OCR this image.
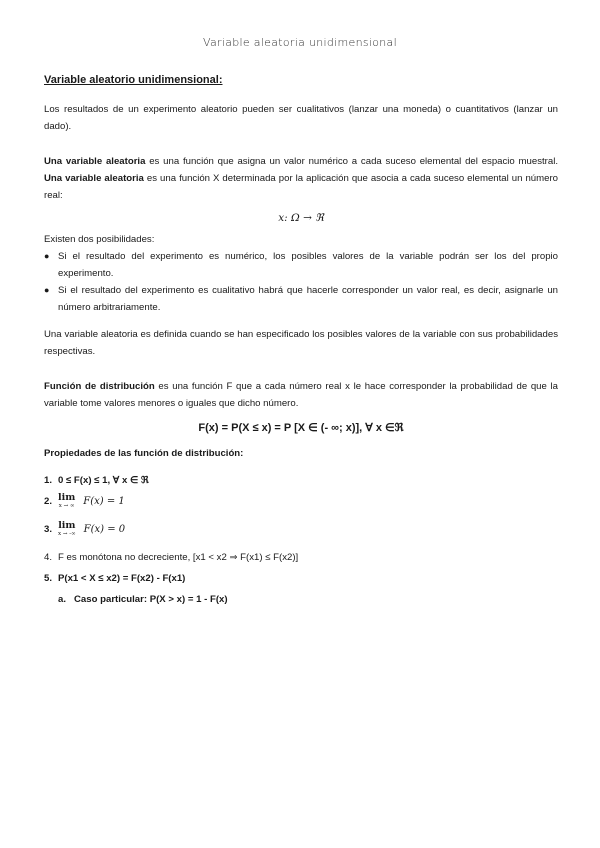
Variable aleatoria unidimensional
Variable aleatorio unidimensional:

Los resultados de un experimento aleatorio pueden ser cualitativos (lanzar una moneda) o cuantitativos (lanzar un dado).

Una variable aleatoria es una función que asigna un valor numérico a cada suceso elemental del espacio muestral. Una variable aleatoria es una función X determinada por la aplicación que asocia a cada suceso elemental un número real:

x: Ω → ℜ

Existen dos posibilidades:

● Si el resultado del experimento es numérico, los posibles valores de la variable podrán ser los del propio experimento.
● Si el resultado del experimento es cualitativo habrá que hacerle corresponder un valor real, es decir, asignarle un número arbitrariamente.

Una variable aleatoria es definida cuando se han especificado los posibles valores de la variable con sus probabilidades respectivas.

Función de distribución es una función F que a cada número real x le hace corresponder la probabilidad de que la variable tome valores menores o iguales que dicho número.

F(x) = P(X ≤ x) = P [X ∈ (- ∞; x)], ∀ x ∈ℜ
Propiedades de las función de distribución:
1. 0 ≤ F(x) ≤ 1, ∀ x ∈ ℜ
2. lim
x → ∞ F(x) = 1
3. lim
x → -∞ F(x) = 0
4. F es monótona no decreciente, [x1 < x2 ⇒ F(x1) ≤ F(x2)]
5. P(x1 < X ≤ x2) = F(x2) - F(x1)
a. Caso particular: P(X > x) = 1 - F(x)
